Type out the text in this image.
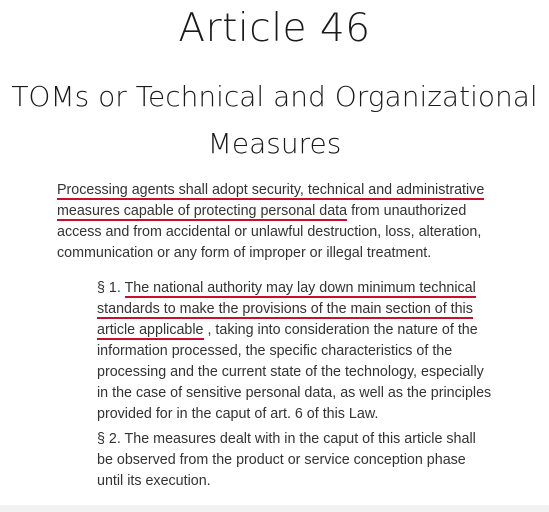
Article 46
TOMs or Technical and Organizational Measures

Processing agents shall adopt security, technical and administrative measures capable of protecting personal data from unauthorized access and from accidental or unlawful destruction, loss, alteration, communication or any form of improper or illegal treatment.

§ 1. The national authority may lay down minimum technical standards to make the provisions of the main section of this article applicable , taking into consideration the nature of the information processed, the specific characteristics of the processing and the current state of the technology, especially in the case of sensitive personal data, as well as the principles provided for in the caput of art. 6 of this Law.

§ 2. The measures dealt with in the caput of this article shall be observed from the product or service conception phase until its execution.
